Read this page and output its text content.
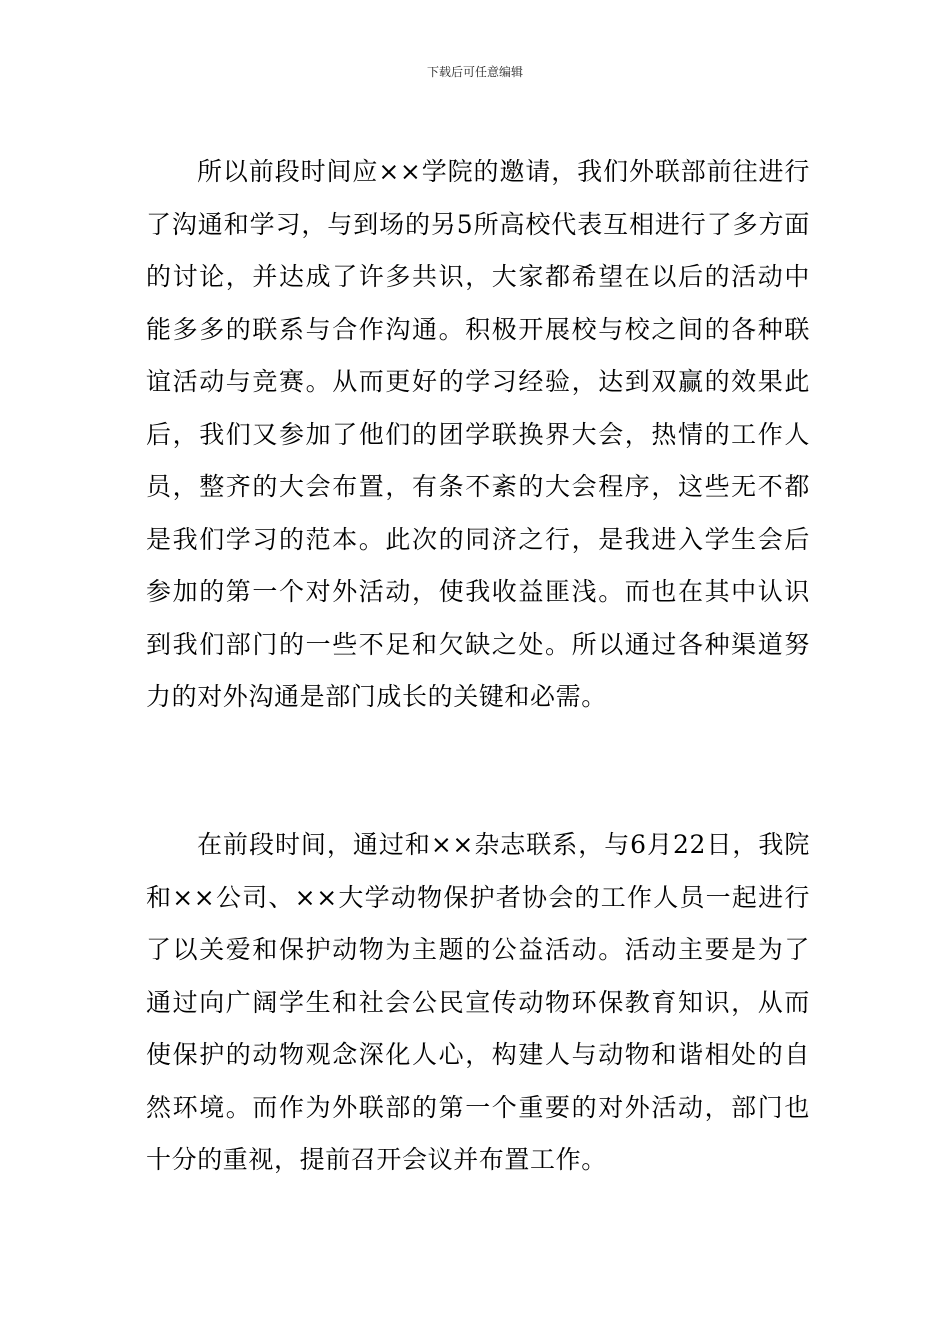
下载后可任意编辑

所以前段时间应××学院的邀请，我们外联部前往进行了沟通和学习，与到场的另5所高校代表互相进行了多方面的讨论，并达成了许多共识，大家都希望在以后的活动中能多多的联系与合作沟通。积极开展校与校之间的各种联谊活动与竞赛。从而更好的学习经验，达到双赢的效果此后，我们又参加了他们的团学联换界大会，热情的工作人员，整齐的大会布置，有条不紊的大会程序，这些无不都是我们学习的范本。此次的同济之行，是我进入学生会后参加的第一个对外活动，使我收益匪浅。而也在其中认识到我们部门的一些不足和欠缺之处。所以通过各种渠道努力的对外沟通是部门成长的关键和必需。

在前段时间，通过和××杂志联系，与6月22日，我院和××公司、××大学动物保护者协会的工作人员一起进行了以关爱和保护动物为主题的公益活动。活动主要是为了通过向广阔学生和社会公民宣传动物环保教育知识，从而使保护的动物观念深化人心，构建人与动物和谐相处的自然环境。而作为外联部的第一个重要的对外活动，部门也十分的重视，提前召开会议并布置工作。
